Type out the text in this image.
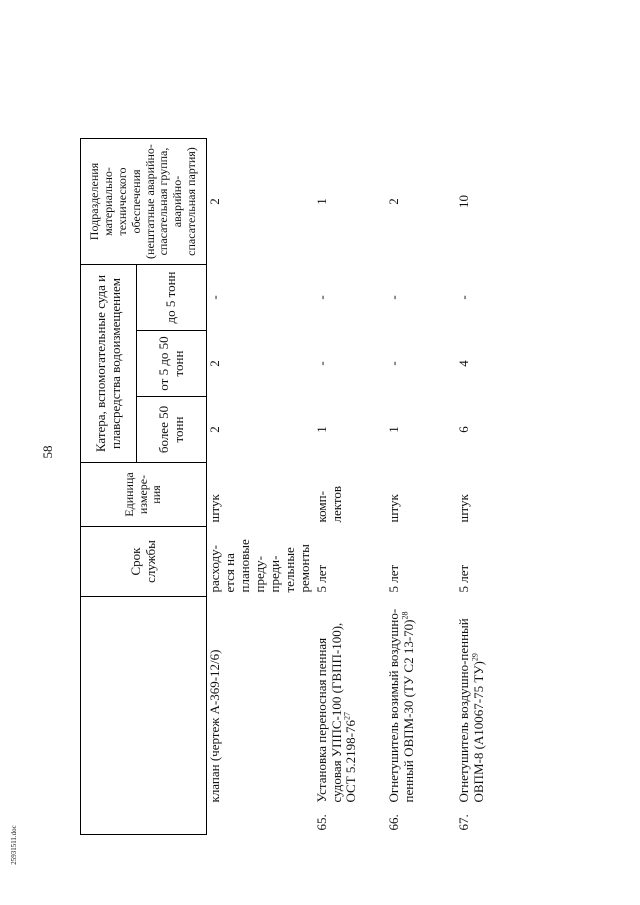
58
25931511.doc
		Срок службы	Единица измере-ния	Катера, вспомогательные суда и плавсредства водоизмещением			Подразделения материально-технического обеспечения (нештатные аварийно-спасательная группа, аварийно-спасательная партия)
				более 50 тонн	от 5 до 50 тонн	до 5 тонн	
	клапан (чертеж А-369-12/6)	расходу-ется на плановые преду-преди-тельные ремонты	штук	2	2	-	2
65.	Установка переносная пенная судовая УППС-100 (ГВПП-100), ОСТ $5.2198-76^{27}$	5 лет	комп-лектов	1	-	-	1
66.	Огнетушитель возимый воздушно-пенный ОВПМ-30 (ТУ С2 13-70)$^{28}$	5 лет	штук	1	-	-	2
67.	Огнетушитель воздушно-пенный ОВПМ-8 (А10067-75 ТУ)$^{29}$	5 лет	штук	6	4	-	10
